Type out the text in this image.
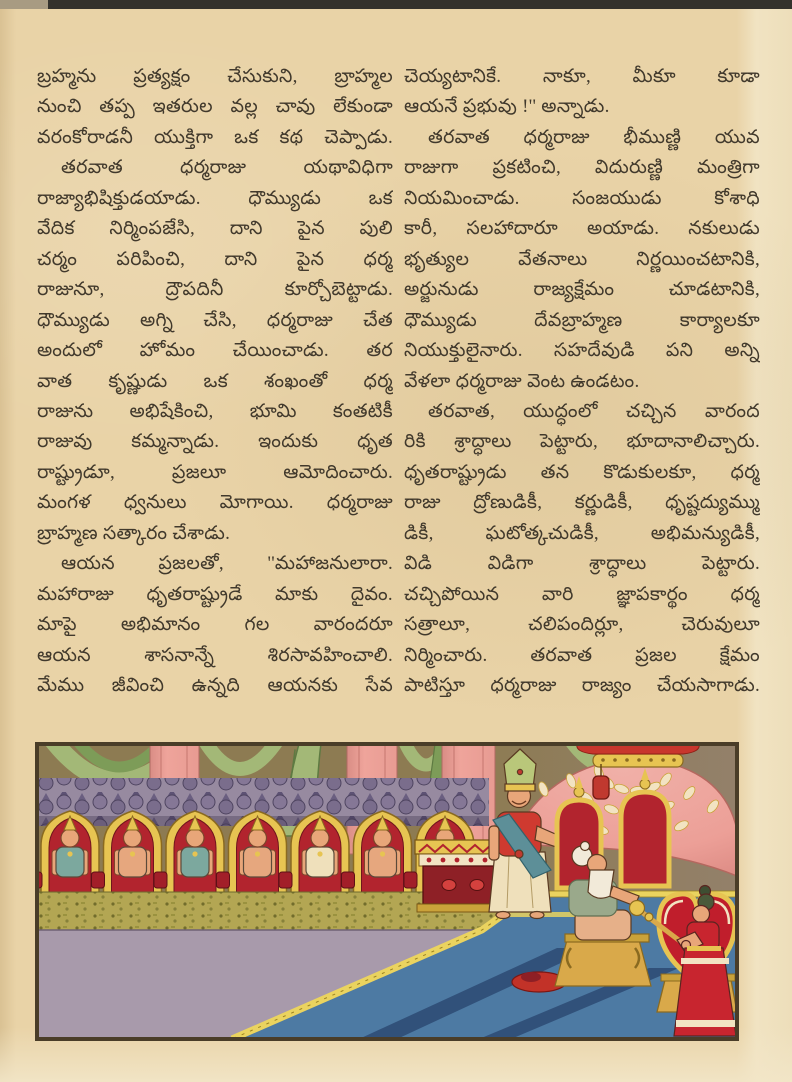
బ్రహ్మను ప్రత్యక్షం చేసుకుని, బ్రాహ్మల
నుంచి తప్ప ఇతరుల వల్ల చావు లేకుండా
వరంకోరాడనీ యుక్తిగా ఒక కథ చెప్పాడు.
తరవాత ధర్మరాజు యథావిధిగా
రాజ్యాభిషిక్తుడయాడు. ధౌమ్యుడు ఒక
వేదిక నిర్మింపజేసి, దాని పైన పులి
చర్మం పరిపించి, దాని పైన ధర్మ
రాజునూ, ద్రౌపదినీ కూర్చోబెట్టాడు.
ధౌమ్యుడు అగ్ని చేసి, ధర్మరాజు చేత
అందులో హోమం చేయించాడు. తర
వాత కృష్ణుడు ఒక శంఖంతో ధర్మ
రాజును అభిషేకించి, భూమి కంతటికీ
రాజువు కమ్మన్నాడు. ఇందుకు ధృత
రాష్ట్రుడూ, ప్రజలూ ఆమోదించారు.
మంగళ ధ్వనులు మోగాయి. ధర్మరాజు
బ్రాహ్మణ సత్కారం చేశాడు.
ఆయన ప్రజలతో, ''మహాజనులారా.
మహారాజు ధృతరాష్ట్రుడే మాకు దైవం.
మాపై అభిమానం గల వారందరూ
ఆయన శాసనాన్నే శిరసావహించాలి.
మేము జీవించి ఉన్నది ఆయనకు సేవ
చెయ్యటానికే. నాకూ, మీకూ కూడా
ఆయనే ప్రభువు !'' అన్నాడు.
తరవాత ధర్మరాజు భీముణ్ణి యువ
రాజుగా ప్రకటించి, విదురుణ్ణి మంత్రిగా
నియమించాడు. సంజయుడు కోశాధి
కారీ, సలహాదారూ అయాడు. నకులుడు
భృత్యుల వేతనాలు నిర్ణయించటానికి,
అర్జునుడు రాజ్యక్షేమం చూడటానికి,
ధౌమ్యుడు దేవబ్రాహ్మణ కార్యాలకూ
నియుక్తులైనారు. సహదేవుడి పని అన్ని
వేళలా ధర్మరాజు వెంట ఉండటం.
తరవాత, యుద్ధంలో చచ్చిన వారంద
రికి శ్రాద్ధాలు పెట్టారు, భూదానాలిచ్చారు.
ధృతరాష్ట్రుడు తన కొడుకులకూ, ధర్మ
రాజు ద్రోణుడికీ, కర్ణుడికీ, ధృష్టద్యుమ్ము
డికీ, ఘటోత్కచుడికీ, అభిమన్యుడికీ,
విడి విడిగా శ్రాద్ధాలు పెట్టారు.
చచ్చిపోయిన వారి జ్ఞాపకార్థం ధర్మ
సత్రాలూ, చలిపందిర్లూ, చెరువులూ
నిర్మించారు. తరవాత ప్రజల క్షేమం
పాటిస్తూ ధర్మరాజు రాజ్యం చేయసాగాడు.
